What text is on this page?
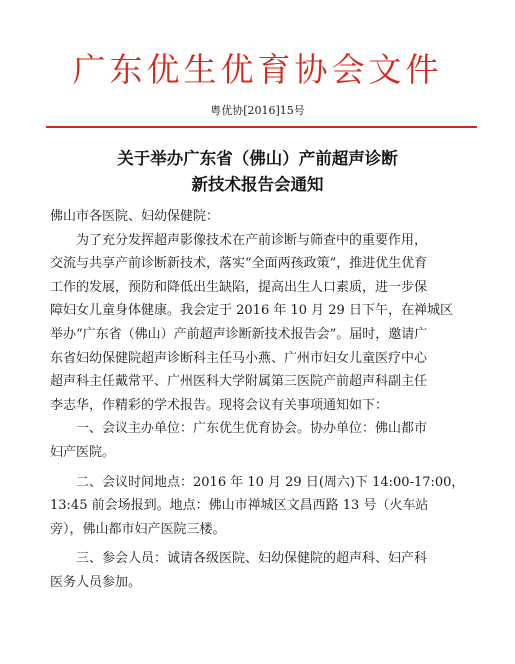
广东优生优育协会文件
粤优协[2016]15号
关于举办广东省（佛山）产前超声诊断
新技术报告会通知

佛山市各医院、妇幼保健院：

为了充分发挥超声影像技术在产前诊断与筛查中的重要作用，

交流与共享产前诊断新技术，落实“全面两孩政策”，推进优生优育

工作的发展，预防和降低出生缺陷，提高出生人口素质，进一步保

障妇女儿童身体健康。我会定于 2016 年 10 月 29 日下午，在禅城区

举办“广东省（佛山）产前超声诊断新技术报告会”。届时，邀请广

东省妇幼保健院超声诊断科主任马小燕、广州市妇女儿童医疗中心

超声科主任戴常平、广州医科大学附属第三医院产前超声科副主任

李志华，作精彩的学术报告。现将会议有关事项通知如下：

一、会议主办单位：广东优生优育协会。协办单位：佛山都市

妇产医院。

二、会议时间地点：2016 年 10 月 29 日(周六)下 14:00-17:00，

13:45 前会场报到。地点：佛山市禅城区文昌西路 13 号（火车站

旁），佛山都市妇产医院三楼。

三、参会人员：诚请各级医院、妇幼保健院的超声科、妇产科

医务人员参加。
